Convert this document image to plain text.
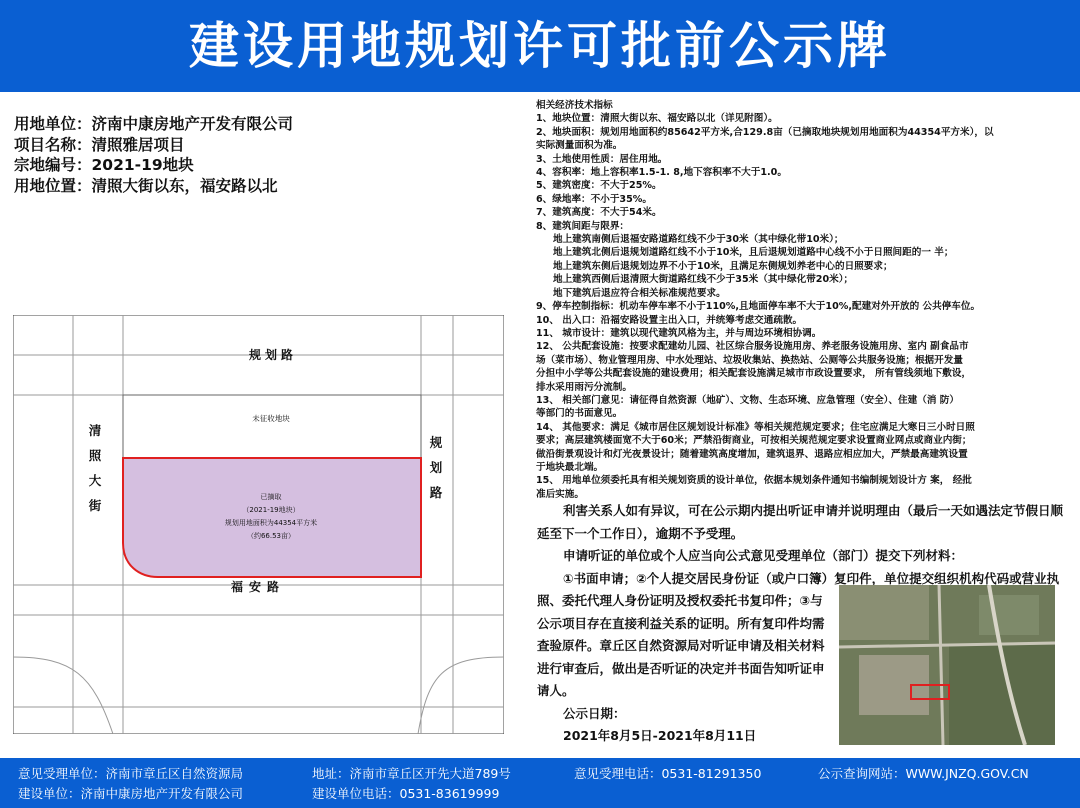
建设用地规划许可批前公示牌
用地单位：济南中康房地产开发有限公司
项目名称：清照雅居项目
宗地编号：2021-19地块
用地位置：清照大街以东，福安路以北
相关经济技术指标
1、地块位置：清照大街以东、福安路以北（详见附图）。
2、地块面积：规划用地面积约85642平方米,合129.8亩（已摘取地块规划用地面积为44354平方米），以
实际测量面积为准。
3、土地使用性质：居住用地。
4、容积率：地上容积率1.5-1. 8,地下容积率不大于1.0。
5、建筑密度：不大于25%。
6、绿地率：不小于35%。
7、建筑高度：不大于54米。
8、建筑间距与限界：
地上建筑南侧后退福安路道路红线不少于30米（其中绿化带10米）；
地上建筑北侧后退规划道路红线不小于10米，且后退规划道路中心线不小于日照间距的一 半；
地上建筑东侧后退规划边界不小于10米，且满足东侧规划养老中心的日照要求；
地上建筑西侧后退清照大街道路红线不少于35米（其中绿化带20米）；
地下建筑后退应符合相关标准规范要求。
9、停车控制指标：机动车停车率不小于110%,且地面停车率不大于10%,配建对外开放的 公共停车位。
10、 出入口：沿福安路设置主出入口，并统筹考虑交通疏散。
11、 城市设计：建筑以现代建筑风格为主，并与周边环境相协调。
12、 公共配套设施：按要求配建幼儿园、社区综合服务设施用房、养老服务设施用房、室内 副食品市
场（菜市场）、物业管理用房、中水处理站、垃圾收集站、换热站、公厕等公共服务设施；根据开发量
分担中小学等公共配套设施的建设费用；相关配套设施满足城市市政设置要求， 所有管线须地下敷设，
排水采用雨污分流制。
13、 相关部门意见：请征得自然资源（地矿）、文物、生态环境、应急管理（安全）、住建（消 防）
等部门的书面意见。
14、 其他要求：满足《城市居住区规划设计标准》等相关规范规定要求；住宅应满足大寒日三小时日照
要求；高层建筑楼面宽不大于60米；严禁沿街商业，可按相关规范规定要求设置商业网点或商业内街；
做沿街景观设计和灯光夜景设计；随着建筑高度增加，建筑退界、退路应相应加大，严禁最高建筑设置
于地块最北端。
15、 用地单位须委托具有相关规划资质的设计单位，依据本规划条件通知书编制规划设计方 案， 经批
准后实施。
规划路
未征收地块
清照大街
规划路
福安路
已摘取
（2021-19地块）
规划用地面积为44354平方米
（约66.53亩）
利害关系人如有异议，可在公示期内提出听证申请并说明理由（最后一天如遇法定节假日顺
延至下一个工作日），逾期不予受理。
申请听证的单位或个人应当向公式意见受理单位（部门）提交下列材料：
①书面申请；②个人提交居民身份证（或户口簿）复印件，单位提交组织机构代码或营业执
照、委托代理人身份证明及授权委托书复印件；③与公示项目存在直接利益关系的证明。所有复印件均需查验原件。章丘区自然资源局对听证申请及相关材料进行审查后，做出是否听证的决定并书面告知听证申请人。
公示日期：
2021年8月5日-2021年8月11日
意见受理单位：济南市章丘区自然资源局	地址：济南市章丘区开先大道789号	意见受理电话：0531-81291350	公示查询网站：WWW.JNZQ.GOV.CN
建设单位：济南中康房地产开发有限公司	建设单位电话：0531-83619999
